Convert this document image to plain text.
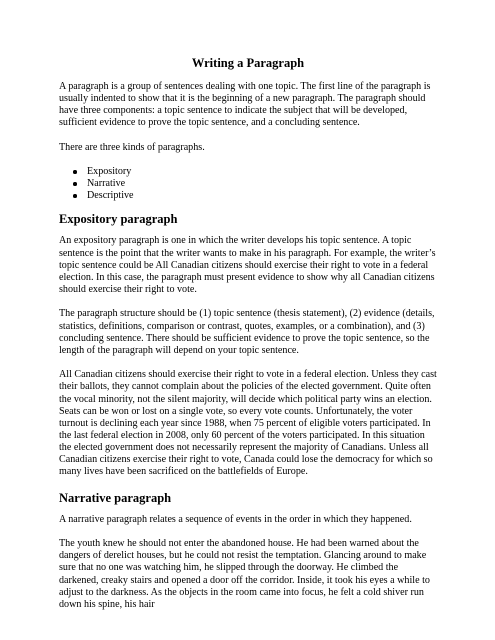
Writing a Paragraph

A paragraph is a group of sentences dealing with one topic. The first line of the paragraph is usually indented to show that it is the beginning of a new paragraph. The paragraph should have three components: a topic sentence to indicate the subject that will be developed, sufficient evidence to prove the topic sentence, and a concluding sentence.

There are three kinds of paragraphs.

Expository
Narrative
Descriptive
Expository paragraph

An expository paragraph is one in which the writer develops his topic sentence. A topic sentence is the point that the writer wants to make in his paragraph. For example, the writer’s topic sentence could be All Canadian citizens should exercise their right to vote in a federal election. In this case, the paragraph must present evidence to show why all Canadian citizens should exercise their right to vote.

The paragraph structure should be (1) topic sentence (thesis statement), (2) evidence (details, statistics, definitions, comparison or contrast, quotes, examples, or a combination), and (3) concluding sentence. There should be sufficient evidence to prove the topic sentence, so the length of the paragraph will depend on your topic sentence.

All Canadian citizens should exercise their right to vote in a federal election. Unless they cast their ballots, they cannot complain about the policies of the elected government. Quite often the vocal minority, not the silent majority, will decide which political party wins an election. Seats can be won or lost on a single vote, so every vote counts. Unfortunately, the voter turnout is declining each year since 1988, when 75 percent of eligible voters participated. In the last federal election in 2008, only 60 percent of the voters participated. In this situation the elected government does not necessarily represent the majority of Canadians. Unless all Canadian citizens exercise their right to vote, Canada could lose the democracy for which so many lives have been sacrificed on the battlefields of Europe.

Narrative paragraph

A narrative paragraph relates a sequence of events in the order in which they happened.

The youth knew he should not enter the abandoned house. He had been warned about the dangers of derelict houses, but he could not resist the temptation. Glancing around to make sure that no one was watching him, he slipped through the doorway. He climbed the darkened, creaky stairs and opened a door off the corridor. Inside, it took his eyes a while to adjust to the darkness. As the objects in the room came into focus, he felt a cold shiver run down his spine, his hair
